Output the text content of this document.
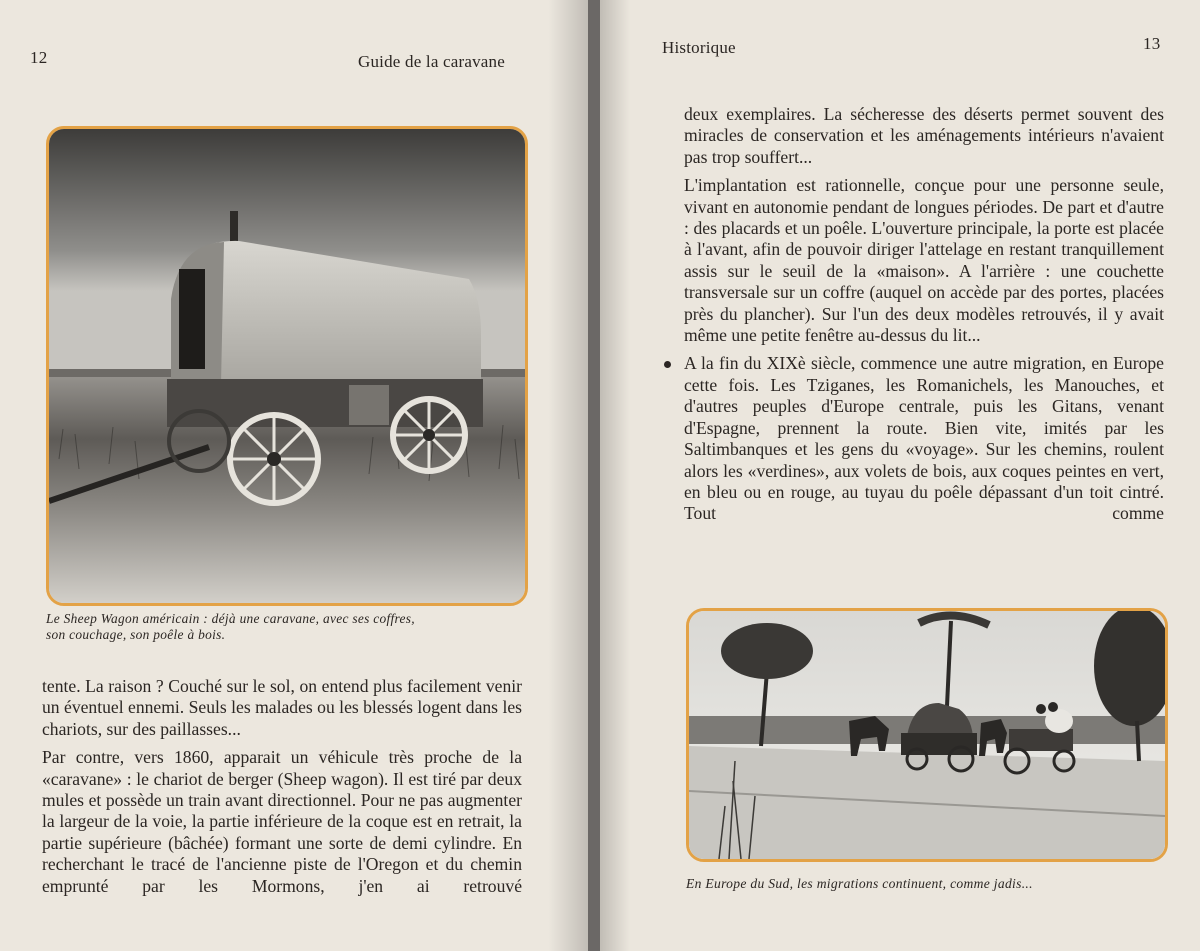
12	Guide de la caravane

Le Sheep Wagon américain : déjà une caravane, avec ses coffres,
son couchage, son poêle à bois.

tente. La raison ? Couché sur le sol, on entend plus facilement venir un éventuel ennemi. Seuls les malades ou les blessés logent dans les chariots, sur des paillasses...

Par contre, vers 1860, apparait un véhicule très proche de la «caravane» : le chariot de berger (Sheep wagon). Il est tiré par deux mules et possède un train avant directionnel. Pour ne pas augmenter la largeur de la voie, la partie inférieure de la coque est en retrait, la partie supérieure (bâchée) formant une sorte de demi cylindre. En recherchant le tracé de l'ancienne piste de l'Oregon et du chemin emprunté par les Mormons, j'en ai retrouvé

Historique	13

deux exemplaires. La sécheresse des déserts permet souvent des miracles de conservation et les aménagements intérieurs n'avaient pas trop souffert...

L'implantation est rationnelle, conçue pour une personne seule, vivant en autonomie pendant de longues périodes. De part et d'autre : des placards et un poêle. L'ouverture principale, la porte est placée à l'avant, afin de pouvoir diriger l'attelage en restant tranquillement assis sur le seuil de la «maison». A l'arrière : une couchette transversale sur un coffre (auquel on accède par des portes, placées près du plancher). Sur l'un des deux modèles retrouvés, il y avait même une petite fenêtre au-dessus du lit...

A la fin du XIXè siècle, commence une autre migration, en Europe cette fois. Les Tziganes, les Romanichels, les Manouches, et d'autres peuples d'Europe centrale, puis les Gitans, venant d'Espagne, prennent la route. Bien vite, imités par les Saltimbanques et les gens du «voyage». Sur les chemins, roulent alors les «verdines», aux volets de bois, aux coques peintes en vert, en bleu ou en rouge, au tuyau du poêle dépassant d'un toit cintré. Tout comme

En Europe du Sud, les migrations continuent, comme jadis...
